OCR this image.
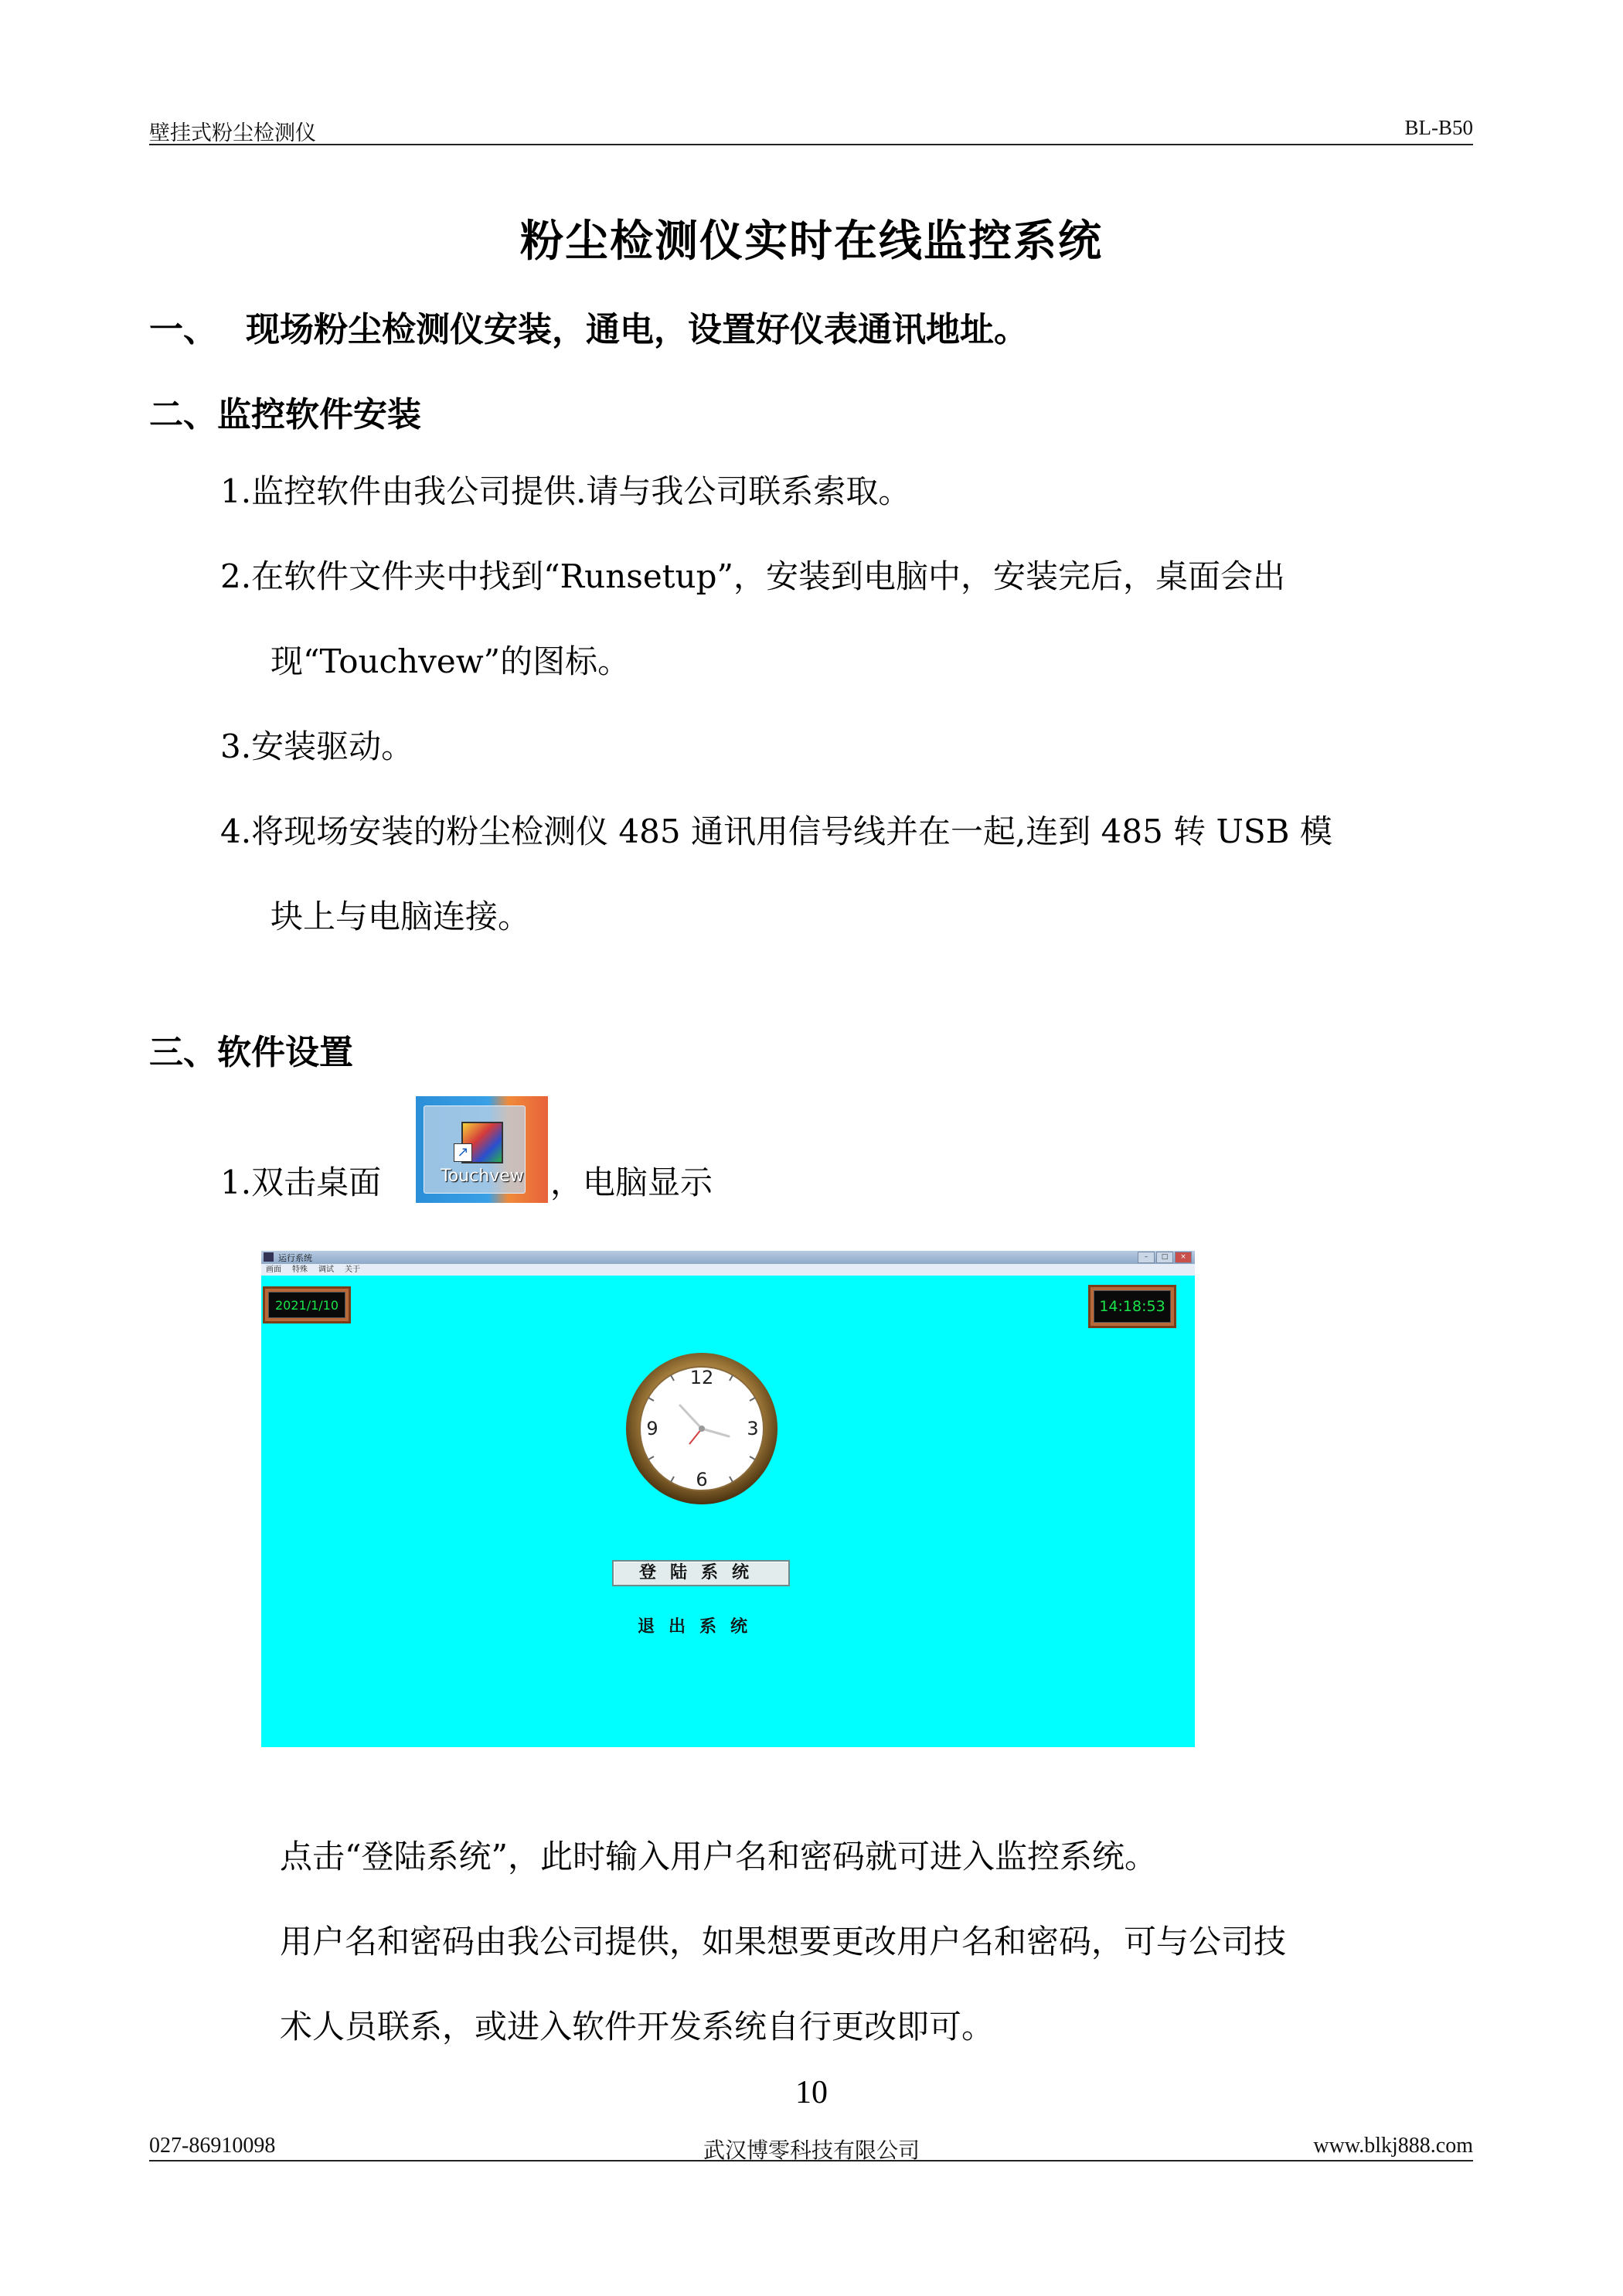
壁挂式粉尘检测仪	BL-B50
粉尘检测仪实时在线监控系统
一、 现场粉尘检测仪安装，通电，设置好仪表通讯地址。
二、监控软件安装
1.监控软件由我公司提供.请与我公司联系索取。
2.在软件文件夹中找到“Runsetup”，安装到电脑中，安装完后，桌面会出
现“Touchvew”的图标。
3.安装驱动。
4.将现场安装的粉尘检测仪 485 通讯用信号线并在一起,连到 485 转 USB 模
块上与电脑连接。
三、软件设置
1.双击桌面
↗
Touchvew ，电脑显示
运行系统	–	□	×
画面 特殊 调试 关于
2021/1/10	14:18:53
12
3
6
9
登陆系统
退出系统
点击“登陆系统”，此时输入用户名和密码就可进入监控系统。
用户名和密码由我公司提供，如果想要更改用户名和密码，可与公司技
术人员联系，或进入软件开发系统自行更改即可。
10
027-86910098	武汉博零科技有限公司	www.blkj888.com
